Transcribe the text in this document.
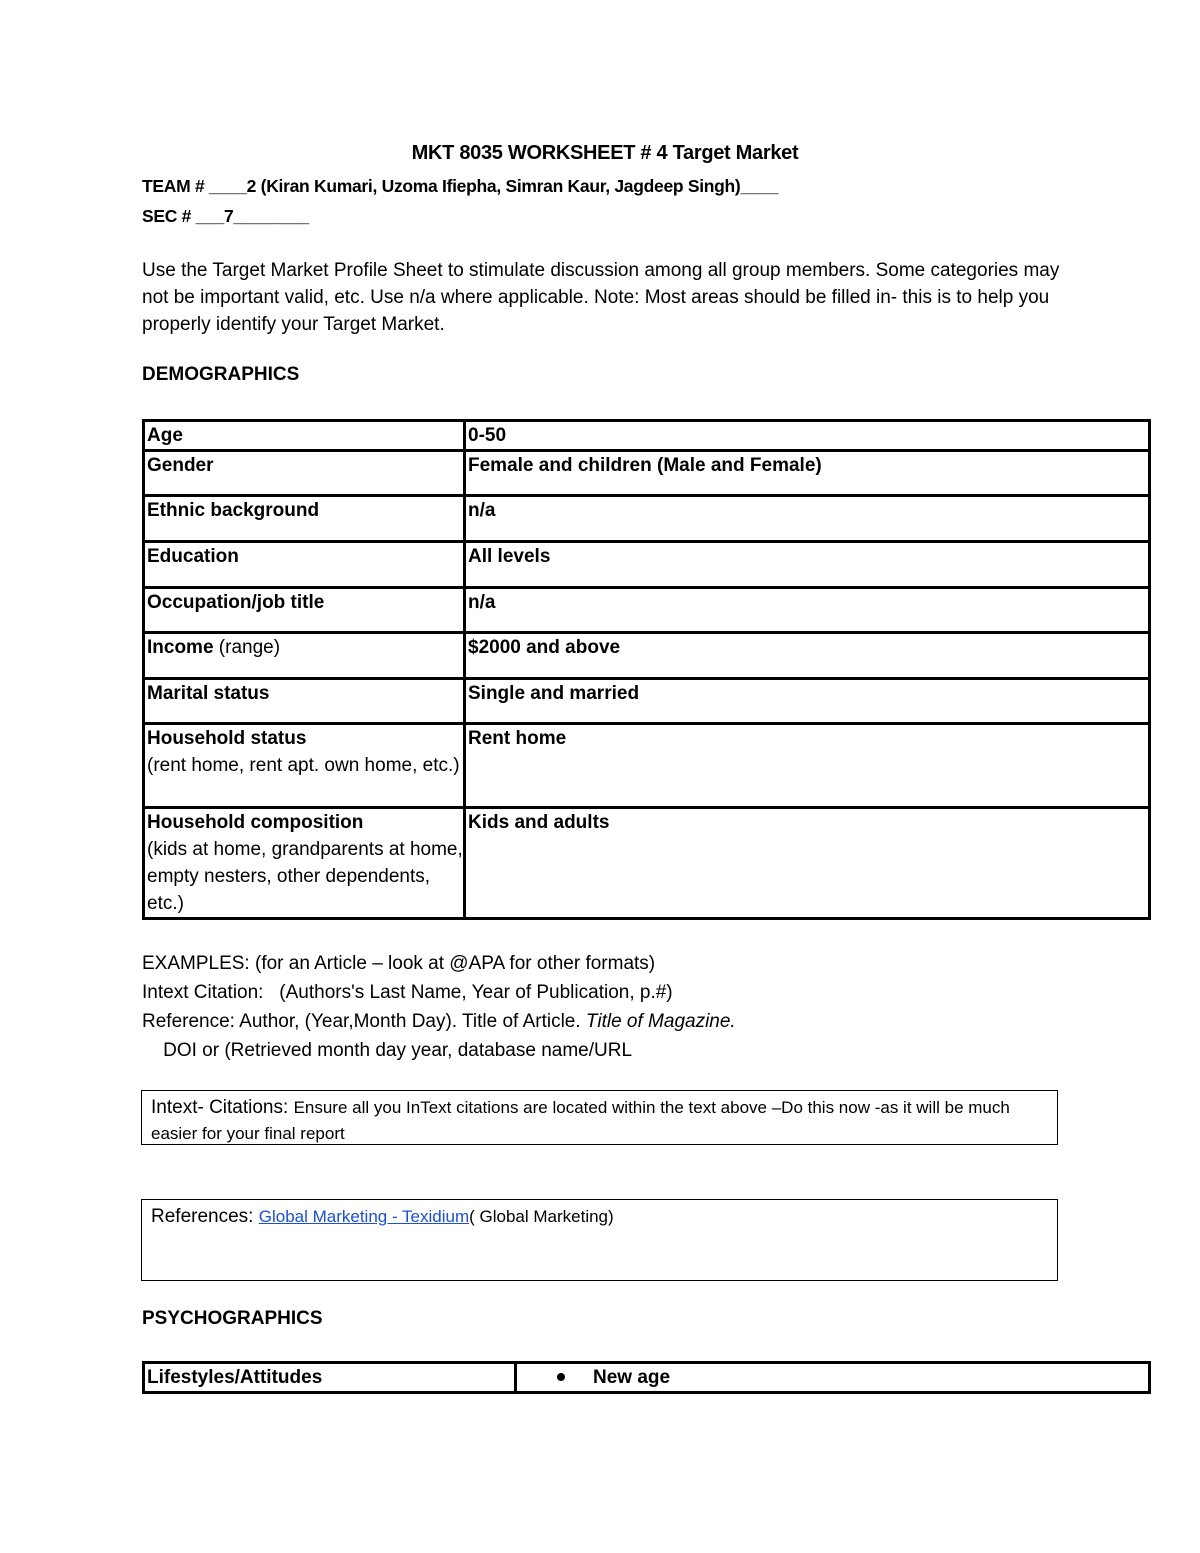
MKT 8035 WORKSHEET # 4 Target Market
TEAM # ____2 (Kiran Kumari, Uzoma Ifiepha, Simran Kaur, Jagdeep Singh)____
SEC # ___7________
Use the Target Market Profile Sheet to stimulate discussion among all group members. Some categories may not be important valid, etc. Use n/a where applicable. Note: Most areas should be filled in- this is to help you properly identify your Target Market.
DEMOGRAPHICS
Age	0-50
Gender	Female and children (Male and Female)
Ethnic background	n/a
Education	All levels
Occupation/job title	n/a
Income (range)	$2000 and above
Marital status	Single and married

Household status
(rent home, rent apt. own home, etc.)	Rent home

Household composition
(kids at home, grandparents at home, empty nesters, other dependents, etc.)	Kids and adults
EXAMPLES: (for an Article – look at @APA for other formats)
Intext Citation:   (Authors's Last Name, Year of Publication, p.#)
Reference: Author, (Year,Month Day). Title of Article. Title of Magazine.
DOI or (Retrieved month day year, database name/URL
Intext- Citations: Ensure all you InText citations are located within the text above –Do this now -as it will be much easier for your final report
References: Global Marketing - Texidium( Global Marketing)
PSYCHOGRAPHICS
Lifestyles/Attitudes	New age
